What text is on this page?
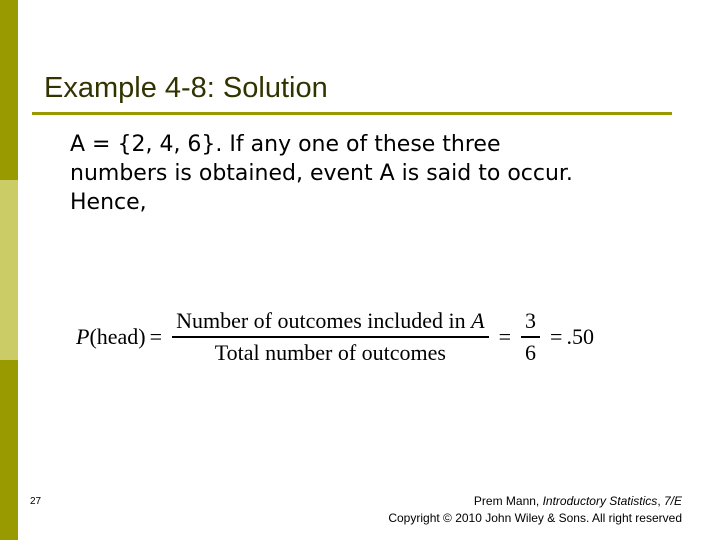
Example 4-8: Solution
A = {2, 4, 6}. If any one of these three
numbers is obtained, event A is said to occur.
Hence,
P(head) = $\frac{\text{Number of outcomes included in A}}{\text{Total number of outcomes}} = \frac{3}{6} = .50$
27	Prem Mann, Introductory Statistics, 7/E
Copyright © 2010 John Wiley & Sons. All right reserved
